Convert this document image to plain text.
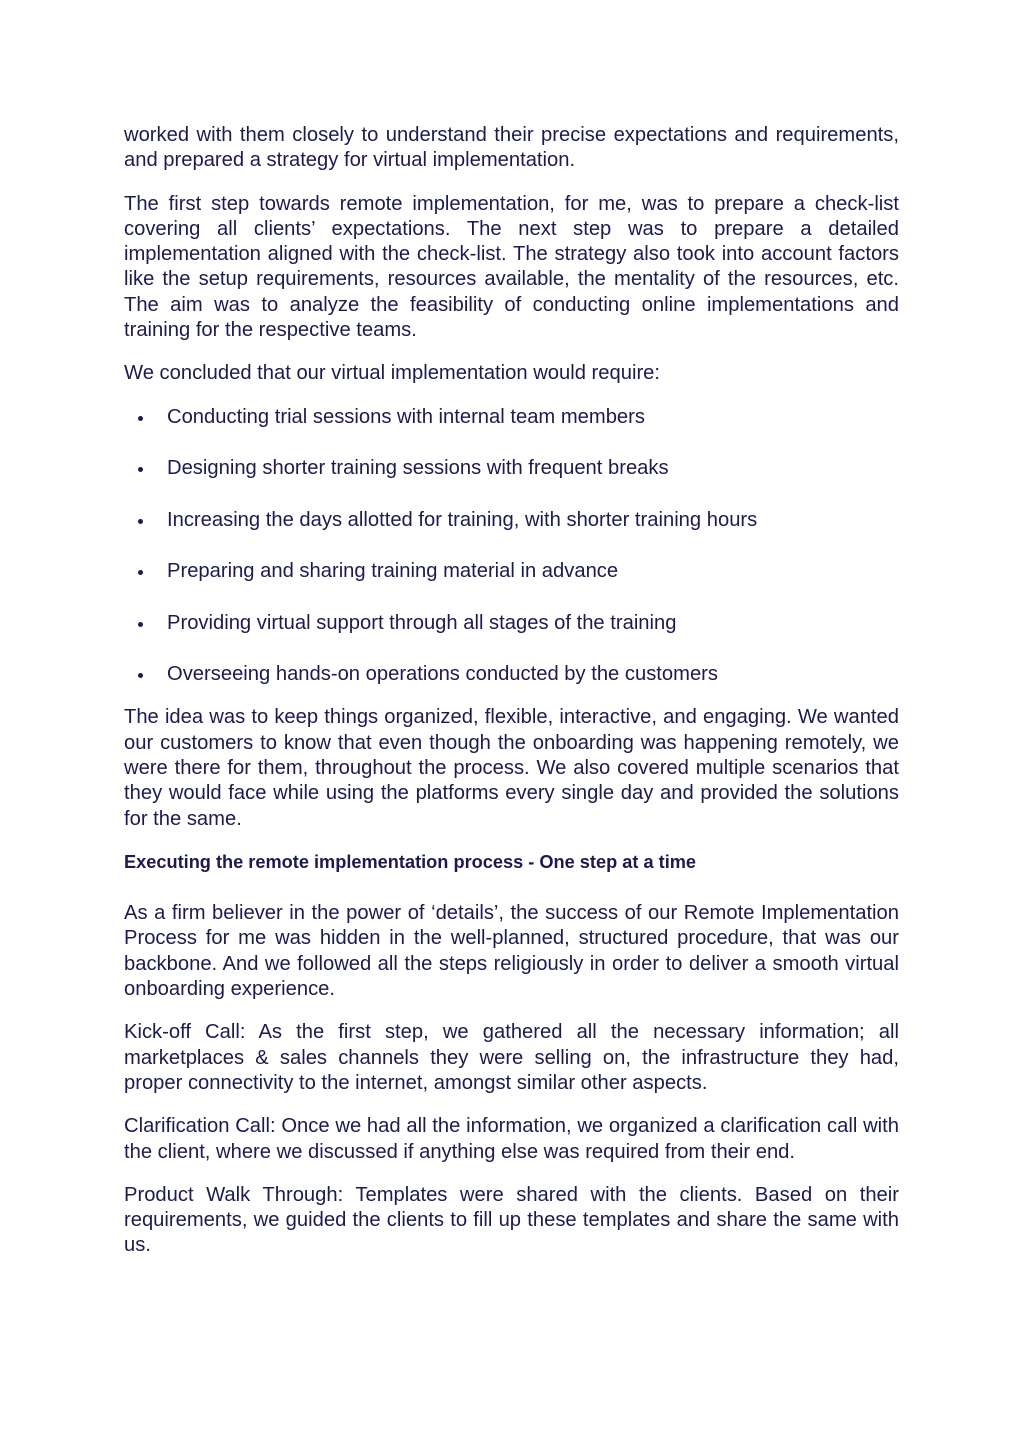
worked with them closely to understand their precise expectations and requirements, and prepared a strategy for virtual implementation.

The first step towards remote implementation, for me, was to prepare a check-list covering all clients’ expectations. The next step was to prepare a detailed implementation aligned with the check-list. The strategy also took into account factors like the setup requirements, resources available, the mentality of the resources, etc. The aim was to analyze the feasibility of conducting online implementations and training for the respective teams.

We concluded that our virtual implementation would require:

Conducting trial sessions with internal team members
Designing shorter training sessions with frequent breaks
Increasing the days allotted for training, with shorter training hours
Preparing and sharing training material in advance
Providing virtual support through all stages of the training
Overseeing hands-on operations conducted by the customers

The idea was to keep things organized, flexible, interactive, and engaging. We wanted our customers to know that even though the onboarding was happening remotely, we were there for them, throughout the process. We also covered multiple scenarios that they would face while using the platforms every single day and provided the solutions for the same.

Executing the remote implementation process - One step at a time

As a firm believer in the power of ‘details’, the success of our Remote Implementation Process for me was hidden in the well-planned, structured procedure, that was our backbone. And we followed all the steps religiously in order to deliver a smooth virtual onboarding experience.

Kick-off Call: As the first step, we gathered all the necessary information; all marketplaces & sales channels they were selling on, the infrastructure they had, proper connectivity to the internet, amongst similar other aspects.

Clarification Call: Once we had all the information, we organized a clarification call with the client, where we discussed if anything else was required from their end.

Product Walk Through: Templates were shared with the clients. Based on their requirements, we guided the clients to fill up these templates and share the same with us.
